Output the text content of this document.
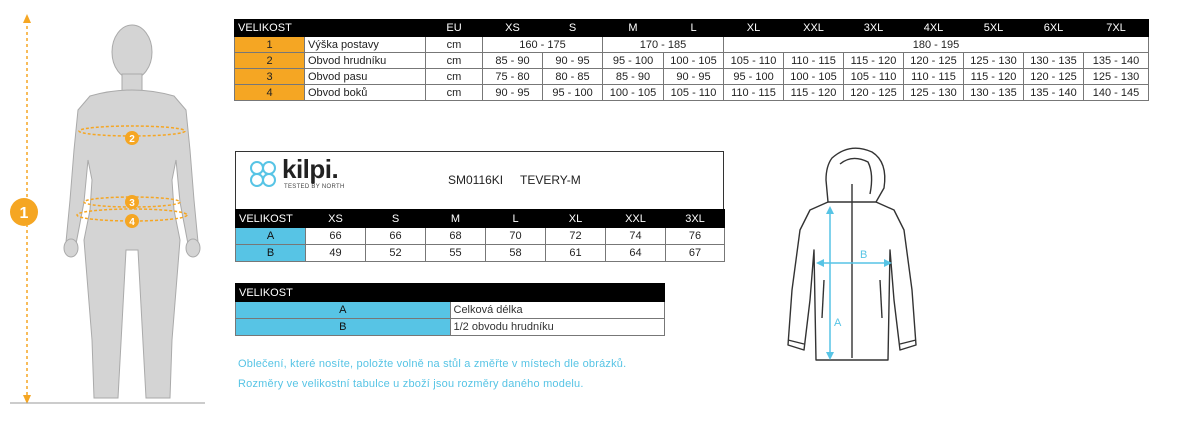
1
2
3
4
VELIKOST		EU	XS	S	M	L	XL	XXL	3XL	4XL	5XL	6XL	7XL
1	Výška postavy	cm	160 - 175		170 - 185		180 - 195						
2	Obvod hrudníku	cm	85 - 90	90 - 95	95 - 100	100 - 105	105 - 110	110 - 115	115 - 120	120 - 125	125 - 130	130 - 135	135 - 140
3	Obvod pasu	cm	75 - 80	80 - 85	85 - 90	90 - 95	95 - 100	100 - 105	105 - 110	110 - 115	115 - 120	120 - 125	125 - 130
4	Obvod boků	cm	90 - 95	95 - 100	100 - 105	105 - 110	110 - 115	115 - 120	120 - 125	125 - 130	130 - 135	135 - 140	140 - 145
kilpi.
TESTED BY NORTH	SM0116KI TEVERY-M
VELIKOST	XS	S	M	L	XL	XXL	3XL
A	66	66	68	70	72	74	76
B	49	52	55	58	61	64	67
VELIKOST	
A	Celková délka
B	1/2 obvodu hrudníku
Oblečení, které nosíte, položte volně na stůl a změřte v místech dle obrázků.
Rozměry ve velikostní tabulce u zboží jsou rozměry daného modelu.
A
B
